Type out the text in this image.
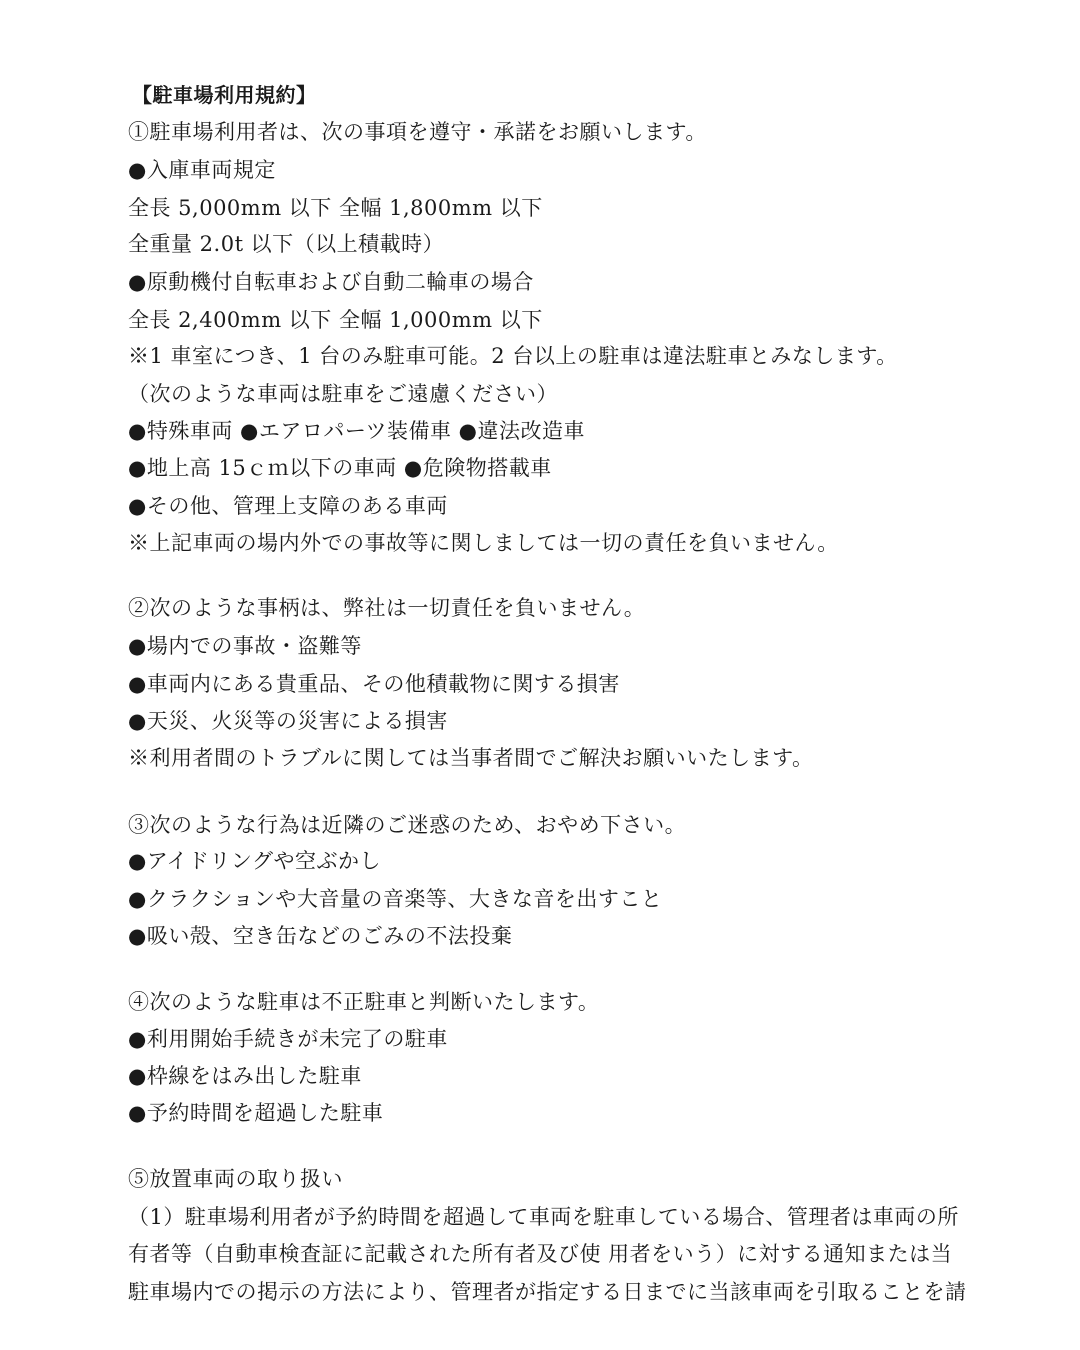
【駐車場利用規約】
①駐車場利用者は、次の事項を遵守・承諾をお願いします。
●入庫車両規定
全長 5,000mm 以下 全幅 1,800mm 以下
全重量 2.0t 以下（以上積載時）
●原動機付自転車および自動二輪車の場合
全長 2,400mm 以下 全幅 1,000mm 以下
※1 車室につき、1 台のみ駐車可能。2 台以上の駐車は違法駐車とみなします。
（次のような車両は駐車をご遠慮ください）
●特殊車両 ●エアロパーツ装備車 ●違法改造車
●地上高 15ｃｍ以下の車両 ●危険物搭載車
●その他、管理上支障のある車両
※上記車両の場内外での事故等に関しましては一切の責任を負いません。
②次のような事柄は、弊社は一切責任を負いません。
●場内での事故・盗難等
●車両内にある貴重品、その他積載物に関する損害
●天災、火災等の災害による損害
※利用者間のトラブルに関しては当事者間でご解決お願いいたします。
③次のような行為は近隣のご迷惑のため、おやめ下さい。
●アイドリングや空ぶかし
●クラクションや大音量の音楽等、大きな音を出すこと
●吸い殻、空き缶などのごみの不法投棄
④次のような駐車は不正駐車と判断いたします。
●利用開始手続きが未完了の駐車
●枠線をはみ出した駐車
●予約時間を超過した駐車
⑤放置車両の取り扱い
（1）駐車場利用者が予約時間を超過して車両を駐車している場合、管理者は車両の所
有者等（自動車検査証に記載された所有者及び使 用者をいう）に対する通知または当
駐車場内での掲示の方法により、管理者が指定する日までに当該車両を引取ることを請
